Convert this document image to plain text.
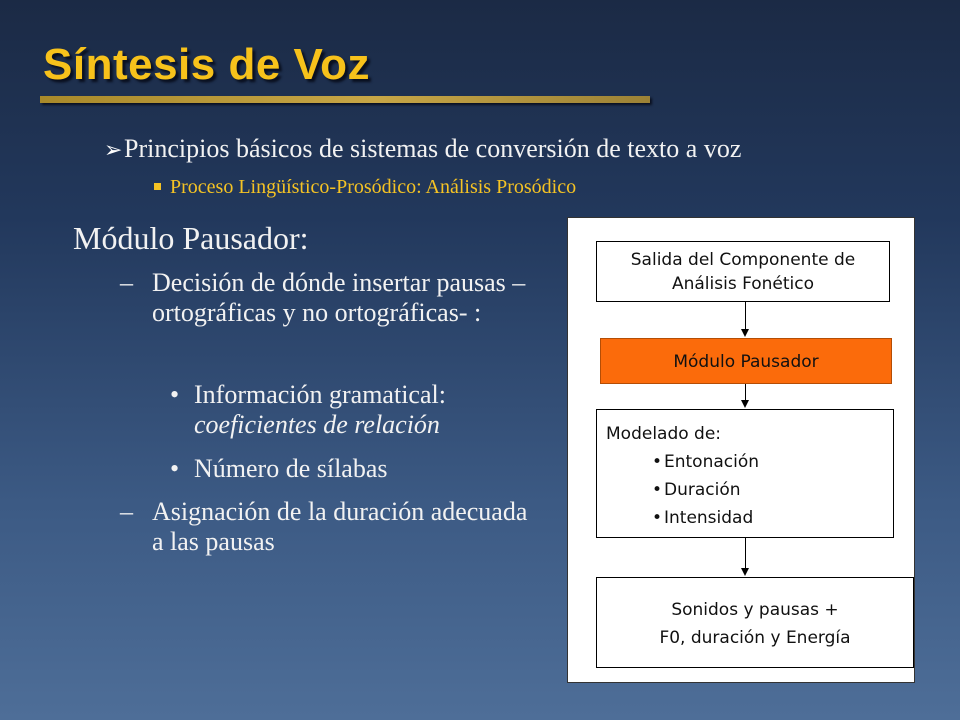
Síntesis de Voz
➢Principios básicos de sistemas de conversión de texto a voz
Proceso Lingüístico-Prosódico: Análisis Prosódico
Módulo Pausador:
– Decisión de dónde insertar pausas –ortográficas y no ortográficas- :
• Información gramatical:
coeficientes de relación
• Número de sílabas
– Asignación de la duración adecuada a las pausas
Salida del Componente de
Análisis Fonético
Módulo Pausador
Modelado de:
• Entonación
• Duración
• Intensidad
Sonidos y pausas +
F0, duración y Energía
